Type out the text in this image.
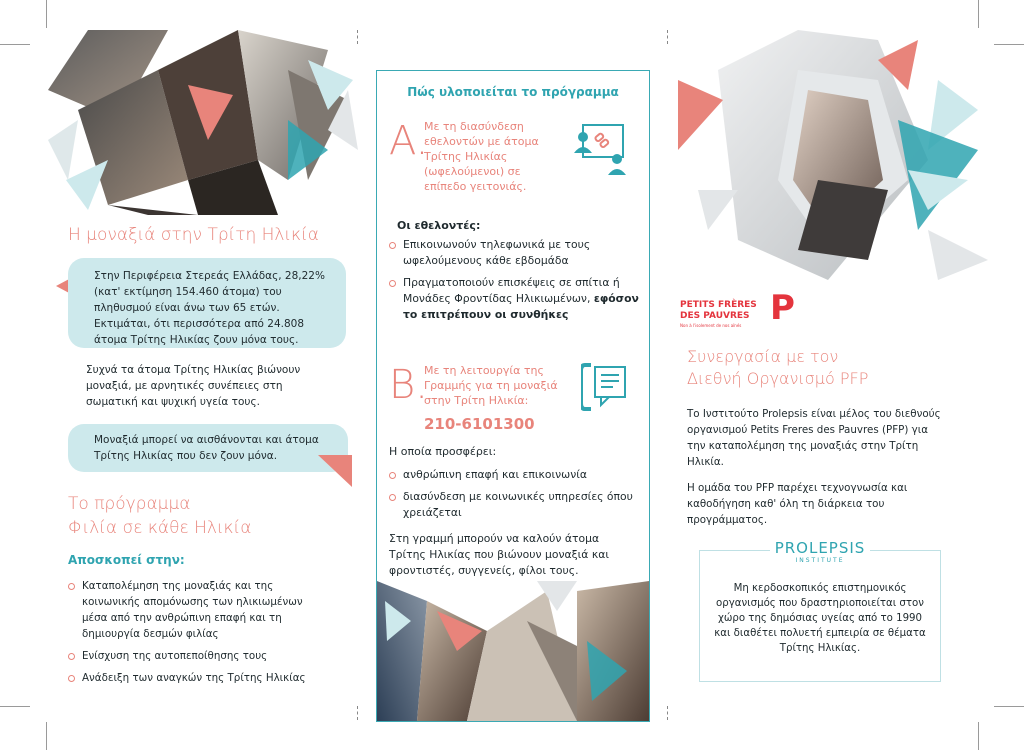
Η μοναξιά στην Τρίτη Ηλικία
Στην Περιφέρεια Στερεάς Ελλάδας, 28,22% (κατ' εκτίμηση 154.460 άτομα) του πληθυσμού είναι άνω των 65 ετών. Εκτιμάται, ότι περισσότερα από 24.808 άτομα Τρίτης Ηλικίας ζουν μόνα τους.
Συχνά τα άτομα Τρίτης Ηλικίας βιώνουν μοναξιά, με αρνητικές συνέπειες στη σωματική και ψυχική υγεία τους.
Μοναξιά μπορεί να αισθάνονται και άτομα Τρίτης Ηλικίας που δεν ζουν μόνα.
Το πρόγραμμα
Φιλία σε κάθε Ηλικία
Αποσκοπεί στην:
Καταπολέμηση της μοναξιάς και της κοινωνικής απομόνωσης των ηλικιωμένων μέσα από την ανθρώπινη επαφή και τη δημιουργία δεσμών φιλίας
Ενίσχυση της αυτοπεποίθησης τους
Ανάδειξη των αναγκών της Τρίτης Ηλικίας
Πώς υλοποιείται το πρόγραμμα
A.
Με τη διασύνδεση εθελοντών με άτομα Τρίτης Ηλικίας (ωφελούμενοι) σε επίπεδο γειτονιάς.
Οι εθελοντές:
Επικοινωνούν τηλεφωνικά με τους ωφελούμενους κάθε εβδομάδα
Πραγματοποιούν επισκέψεις σε σπίτια ή Μονάδες Φροντίδας Ηλικιωμένων, εφόσον το επιτρέπουν οι συνθήκες
B.
Με τη λειτουργία της Γραμμής για τη μοναξιά στην Τρίτη Ηλικία:
210-6101300
Η οποία προσφέρει:
ανθρώπινη επαφή και επικοινωνία
διασύνδεση με κοινωνικές υπηρεσίες όπου χρειάζεται
Στη γραμμή μπορούν να καλούν άτομα Τρίτης Ηλικίας που βιώνουν μοναξιά και φροντιστές, συγγενείς, φίλοι τους.
PETITS FRÈRES
DES PAUVRES
Non à l'isolement de nos aînés P
Συνεργασία με τον
Διεθνή Οργανισμό PFP
Το Ινστιτούτο Prolepsis είναι μέλος του διεθνούς οργανισμού Petits Freres des Pauvres (PFP) για την καταπολέμηση της μοναξιάς στην Τρίτη Ηλικία.
Η ομάδα του PFP παρέχει τεχνογνωσία και καθοδήγηση καθ' όλη τη διάρκεια του προγράμματος.
PROLEPSIS
INSTITUTE
Μη κερδοσκοπικός επιστημονικός οργανισμός που δραστηριοποιείται στον χώρο της δημόσιας υγείας από το 1990 και διαθέτει πολυετή εμπειρία σε θέματα Τρίτης Ηλικίας.
